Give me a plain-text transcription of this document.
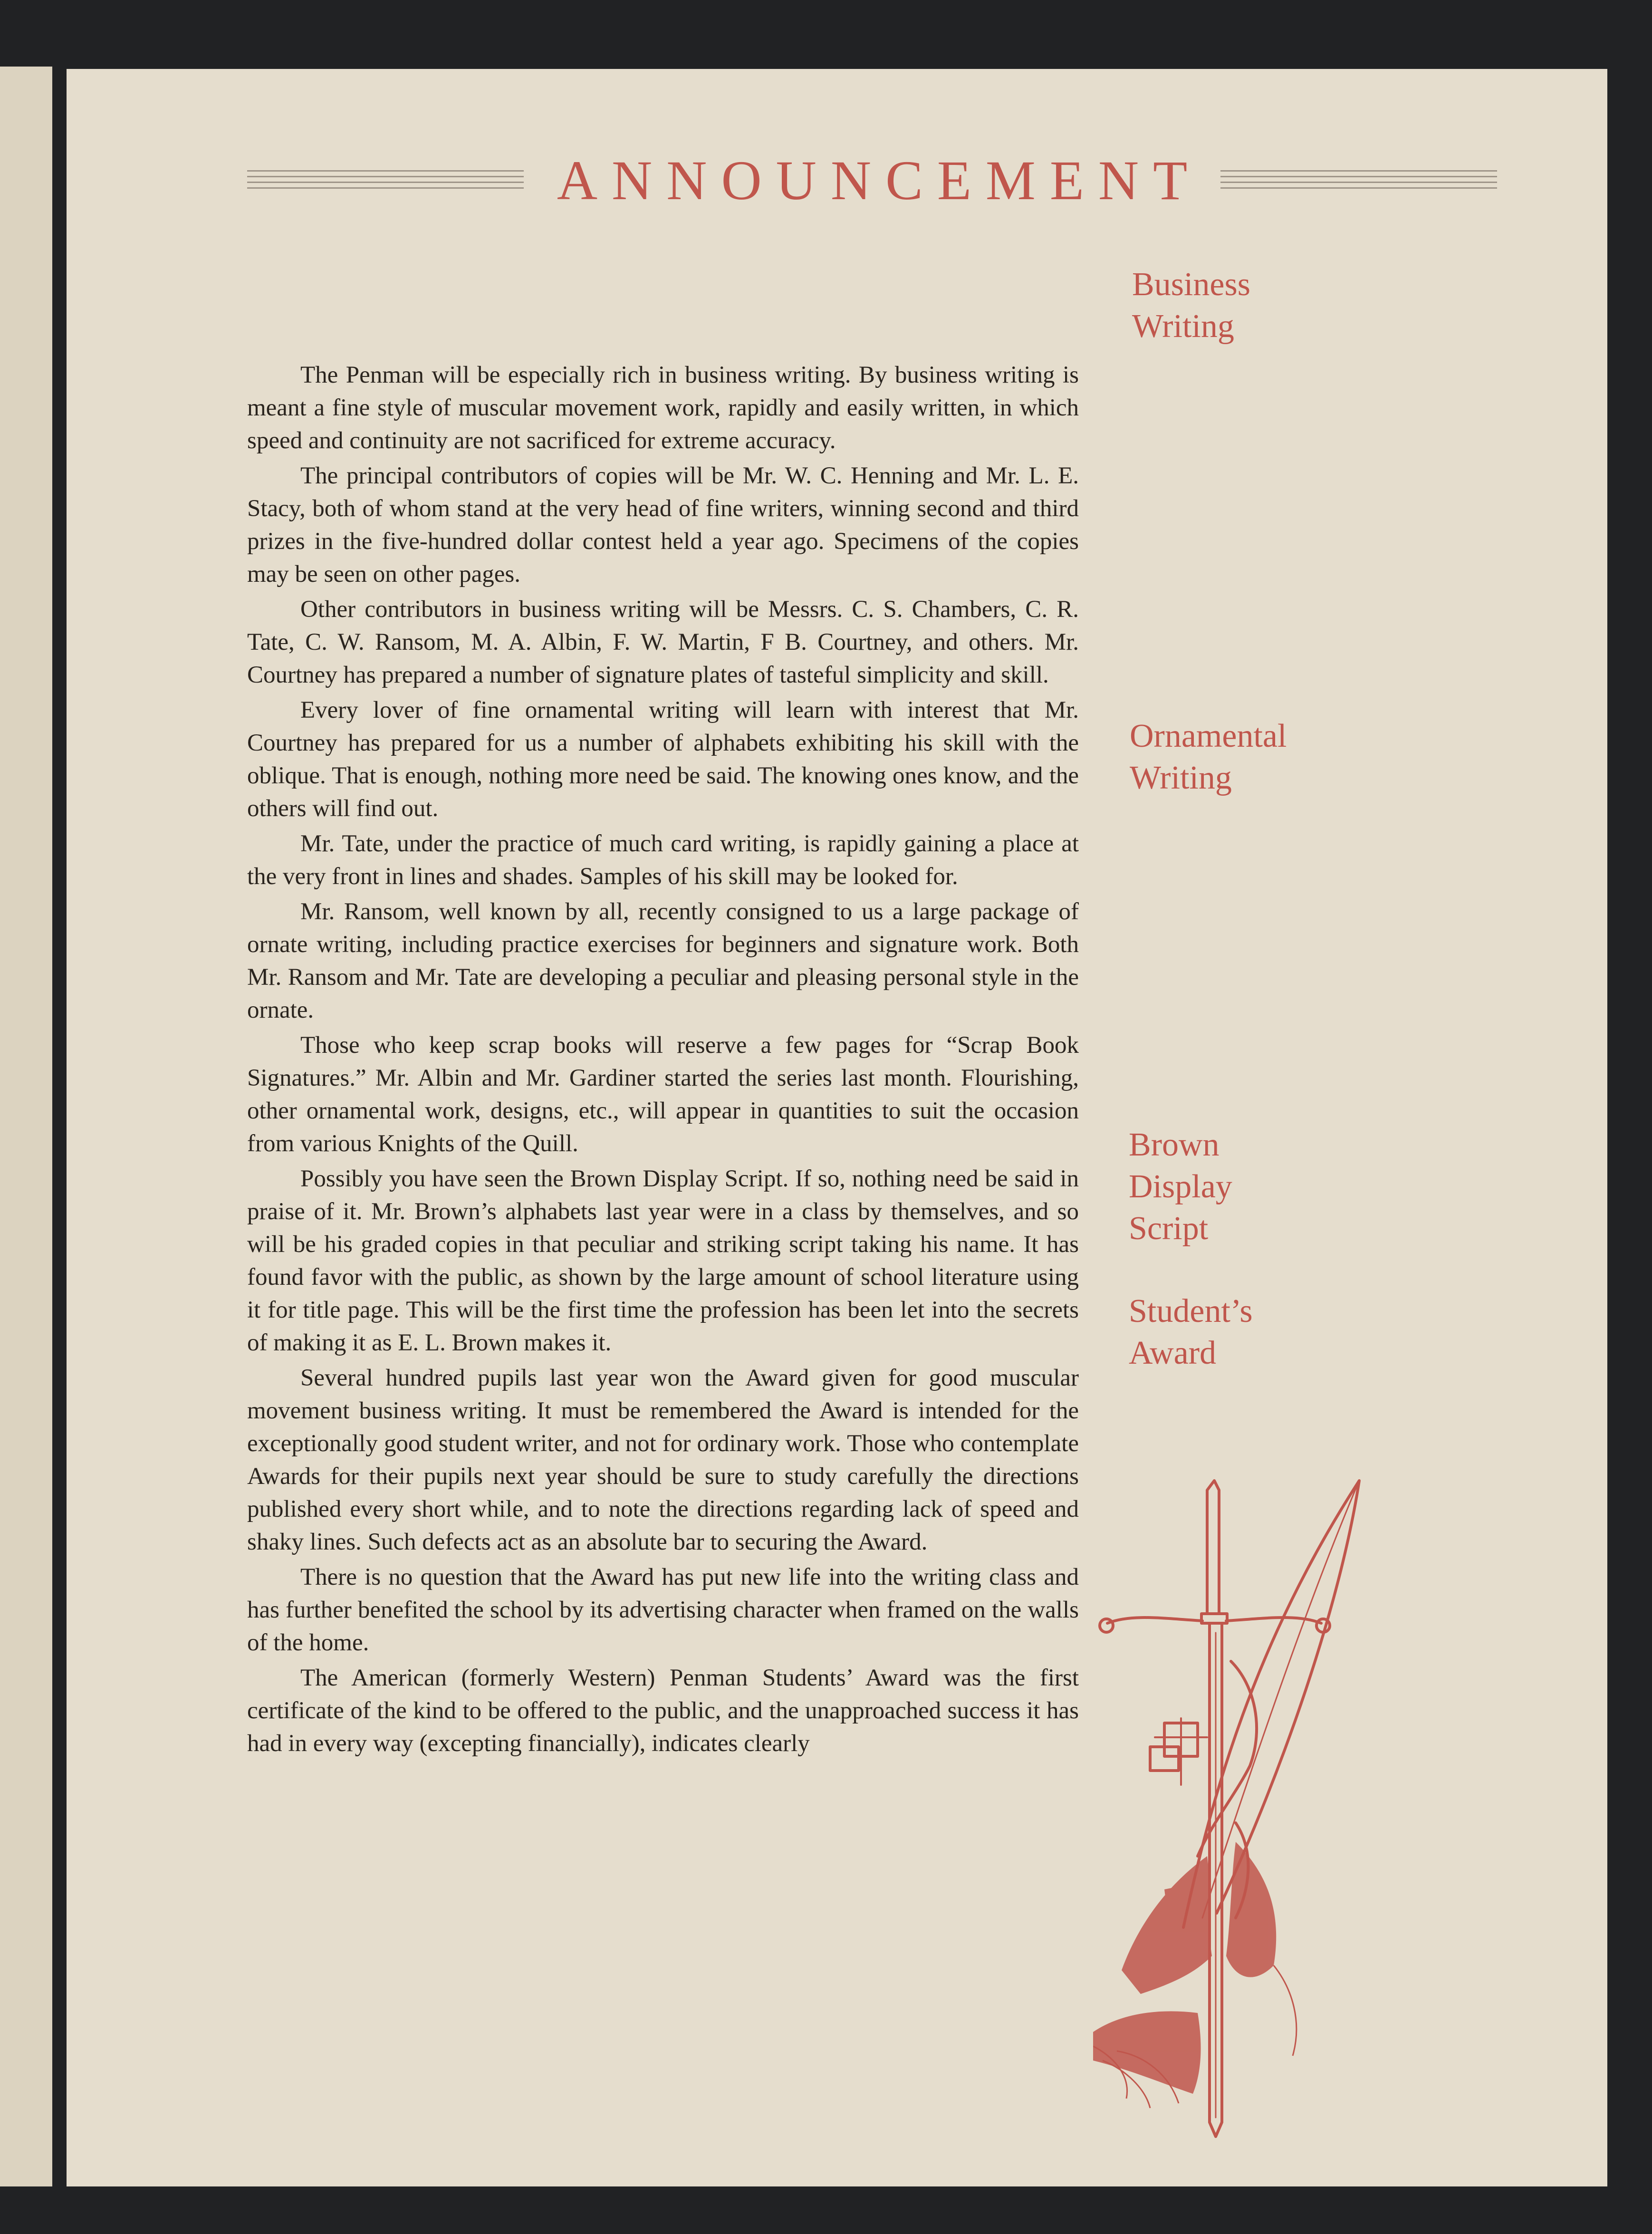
ANNOUNCEMENT

The Penman will be especially rich in business writing. By business writing is meant a fine style of muscular movement work, rapidly and easily written, in which speed and continuity are not sacrificed for extreme accuracy.

The principal contributors of copies will be Mr. W. C. Henning and Mr. L. E. Stacy, both of whom stand at the very head of fine writers, winning second and third prizes in the five-hundred dollar contest held a year ago. Specimens of the copies may be seen on other pages.

Other contributors in business writing will be Messrs. C. S. Chambers, C. R. Tate, C. W. Ransom, M. A. Albin, F. W. Martin, F B. Courtney, and others. Mr. Courtney has prepared a number of signature plates of tasteful simplicity and skill.

Every lover of fine ornamental writing will learn with interest that Mr. Courtney has prepared for us a number of alphabets exhibiting his skill with the oblique. That is enough, nothing more need be said. The knowing ones know, and the others will find out.

Mr. Tate, under the practice of much card writing, is rapidly gaining a place at the very front in lines and shades. Samples of his skill may be looked for.

Mr. Ransom, well known by all, recently consigned to us a large package of ornate writing, including practice exercises for beginners and signature work. Both Mr. Ransom and Mr. Tate are developing a peculiar and pleasing personal style in the ornate.

Those who keep scrap books will reserve a few pages for “Scrap Book Signatures.” Mr. Albin and Mr. Gardiner started the series last month. Flourishing, other ornamental work, designs, etc., will appear in quantities to suit the occasion from various Knights of the Quill.

Possibly you have seen the Brown Display Script. If so, nothing need be said in praise of it. Mr. Brown’s alphabets last year were in a class by themselves, and so will be his graded copies in that peculiar and striking script taking his name. It has found favor with the public, as shown by the large amount of school literature using it for title page. This will be the first time the profession has been let into the secrets of making it as E. L. Brown makes it.

Several hundred pupils last year won the Award given for good muscular movement business writing. It must be remembered the Award is intended for the exceptionally good student writer, and not for ordinary work. Those who contemplate Awards for their pupils next year should be sure to study carefully the directions published every short while, and to note the directions regarding lack of speed and shaky lines. Such defects act as an absolute bar to securing the Award.

There is no question that the Award has put new life into the writing class and has further benefited the school by its advertising character when framed on the walls of the home.

The American (formerly Western) Penman Students’ Award was the first certificate of the kind to be offered to the public, and the unapproached success it has had in every way (excepting financially), indicates clearly

Business
Writing
Ornamental
Writing
Brown
Display
Script
Student’s
Award
